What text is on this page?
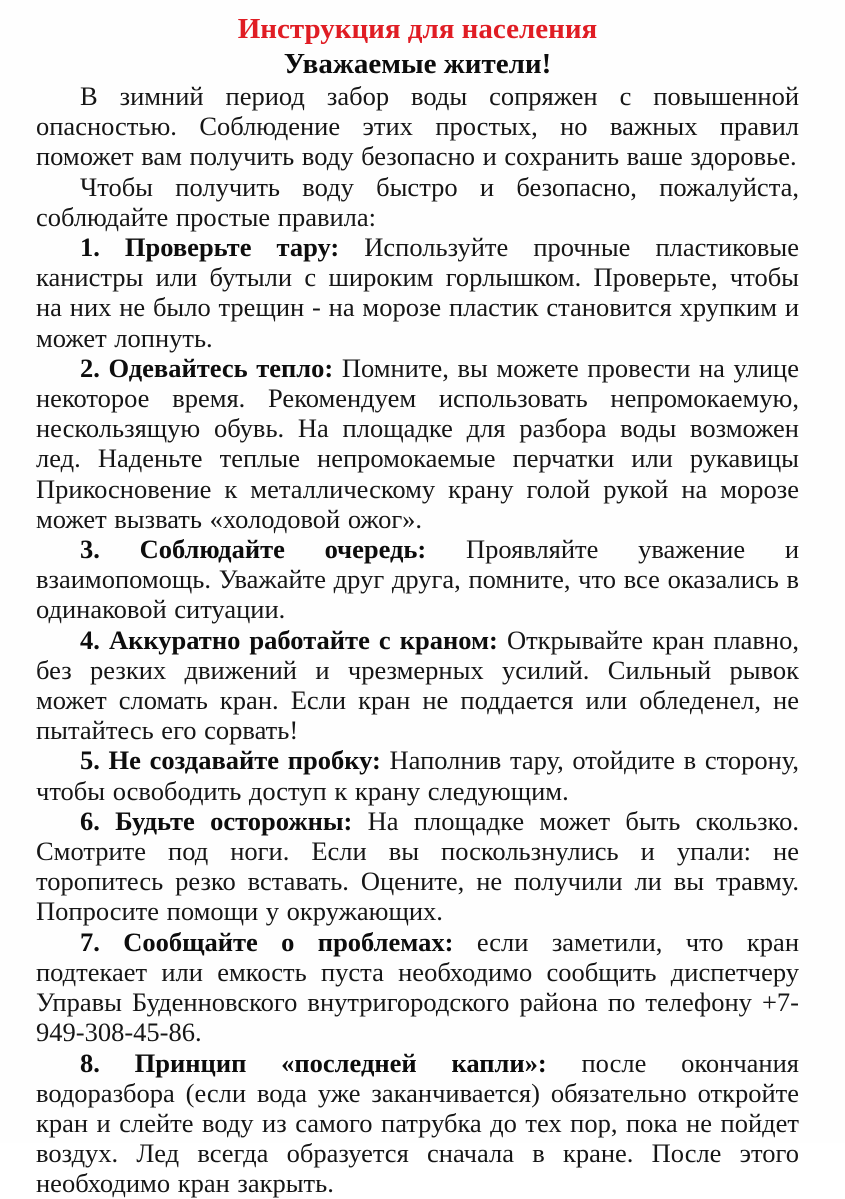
Инструкция для населения
Уважаемые жители!

В зимний период забор воды сопряжен с повышенной опасностью. Соблюдение этих простых, но важных правил поможет вам получить воду безопасно и сохранить ваше здоровье.

Чтобы получить воду быстро и безопасно, пожалуйста, соблюдайте простые правила:

1. Проверьте тару: Используйте прочные пластиковые канистры или бутыли с широким горлышком. Проверьте, чтобы на них не было трещин - на морозе пластик становится хрупким и может лопнуть.

2. Одевайтесь тепло: Помните, вы можете провести на улице некоторое время. Рекомендуем использовать непромокаемую, нескользящую обувь. На площадке для разбора воды возможен лед. Наденьте теплые непромокаемые перчатки или рукавицы Прикосновение к металлическому крану голой рукой на морозе может вызвать «холодовой ожог».

3. Соблюдайте очередь: Проявляйте уважение и взаимопомощь. Уважайте друг друга, помните, что все оказались в одинаковой ситуации.

4. Аккуратно работайте с краном: Открывайте кран плавно, без резких движений и чрезмерных усилий. Сильный рывок может сломать кран. Если кран не поддается или обледенел, не пытайтесь его сорвать!

5. Не создавайте пробку: Наполнив тару, отойдите в сторону, чтобы освободить доступ к крану следующим.

6. Будьте осторожны: На площадке может быть скользко. Смотрите под ноги. Если вы поскользнулись и упали: не торопитесь резко вставать. Оцените, не получили ли вы травму. Попросите помощи у окружающих.

7. Сообщайте о проблемах: если заметили, что кран подтекает или емкость пуста необходимо сообщить диспетчеру Управы Буденновского внутригородского района по телефону +7-949-308-45-86.

8. Принцип «последней капли»: после окончания водоразбора (если вода уже заканчивается) обязательно откройте кран и слейте воду из самого патрубка до тех пор, пока не пойдет воздух. Лед всегда образуется сначала в кране. После этого необходимо кран закрыть.
